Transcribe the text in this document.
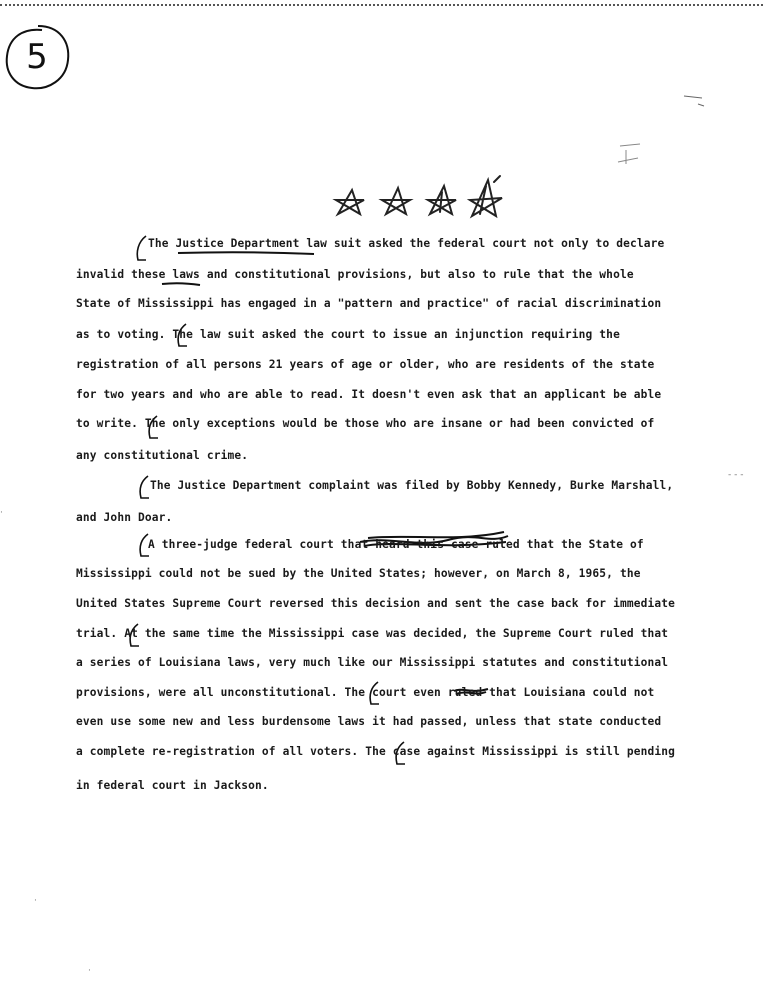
5
- - -
·
·
·
The Justice Department law suit asked the federal court not only to declare
invalid these laws and constitutional provisions, but also to rule that the whole
State of Mississippi has engaged in a "pattern and practice" of racial discrimination
as to voting. The law suit asked the court to issue an injunction requiring the
registration of all persons 21 years of age or older, who are residents of the state
for two years and who are able to read. It doesn't even ask that an applicant be able
to write. The only exceptions would be those who are insane or had been convicted of
any constitutional crime.
The Justice Department complaint was filed by Bobby Kennedy, Burke Marshall,
and John Doar.
A three-judge federal court that heard this case ruled that the State of
Mississippi could not be sued by the United States; however, on March 8, 1965, the
United States Supreme Court reversed this decision and sent the case back for immediate
trial. At the same time the Mississippi case was decided, the Supreme Court ruled that
a series of Louisiana laws, very much like our Mississippi statutes and constitutional
provisions, were all unconstitutional. The court even ruled that Louisiana could not
even use some new and less burdensome laws it had passed, unless that state conducted
a complete re-registration of all voters. The case against Mississippi is still pending
in federal court in Jackson.
